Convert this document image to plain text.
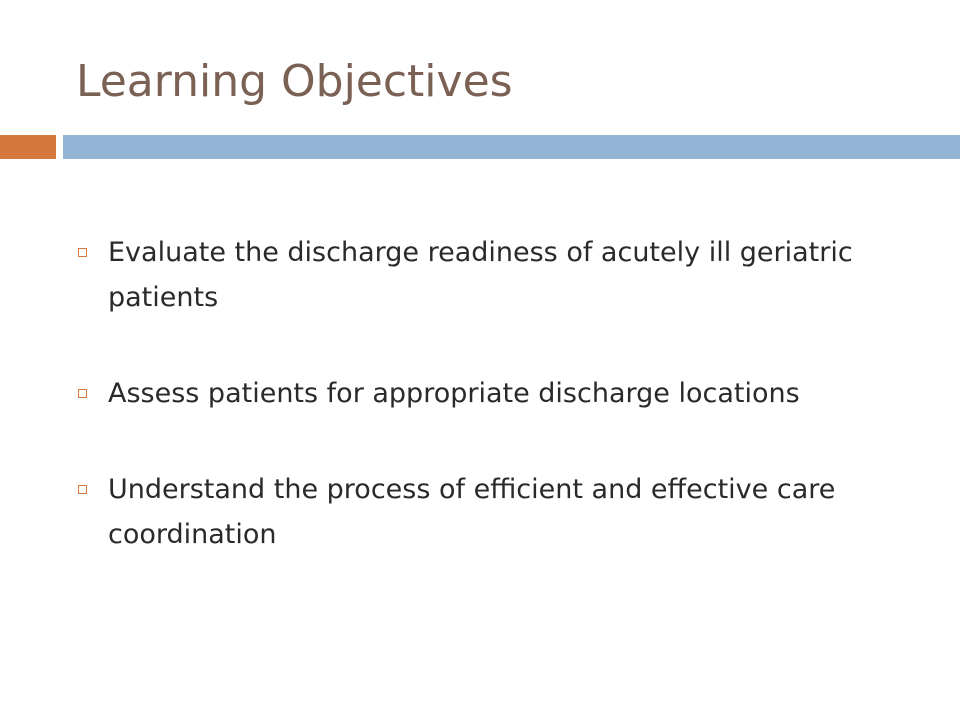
Learning Objectives
Evaluate the discharge readiness of acutely ill geriatric patients
Assess patients for appropriate discharge locations
Understand the process of efficient and effective care coordination
